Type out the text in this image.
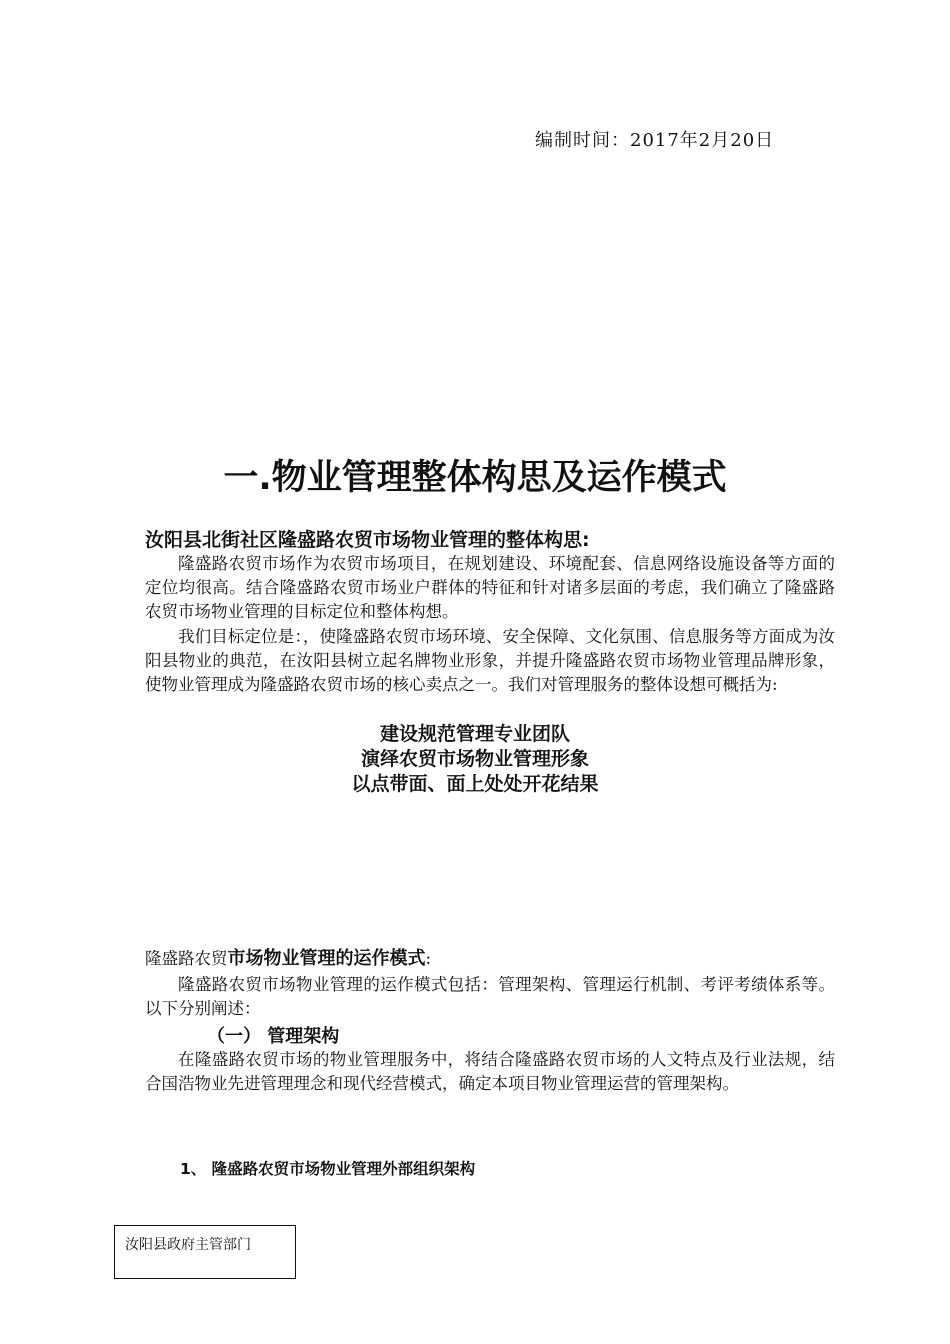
编制时间：2017年2月20日
一.物业管理整体构思及运作模式
汝阳县北街社区隆盛路农贸市场物业管理的整体构思:
隆盛路农贸市场作为农贸市场项目，在规划建设、环境配套、信息网络设施设备等方面的定位均很高。结合隆盛路农贸市场业户群体的特征和针对诸多层面的考虑，我们确立了隆盛路农贸市场物业管理的目标定位和整体构想。
我们目标定位是：，使隆盛路农贸市场环境、安全保障、文化氛围、信息服务等方面成为汝阳县物业的典范，在汝阳县树立起名牌物业形象，并提升隆盛路农贸市场物业管理品牌形象，使物业管理成为隆盛路农贸市场的核心卖点之一。我们对管理服务的整体设想可概括为:
建设规范管理专业团队
演绎农贸市场物业管理形象
以点带面、面上处处开花结果
隆盛路农贸市场物业管理的运作模式:
隆盛路农贸市场物业管理的运作模式包括：管理架构、管理运行机制、考评考绩体系等。以下分别阐述：
（一） 管理架构
在隆盛路农贸市场的物业管理服务中，将结合隆盛路农贸市场的人文特点及行业法规，结合国浩物业先进管理理念和现代经营模式，确定本项目物业管理运营的管理架构。
1、 隆盛路农贸市场物业管理外部组织架构
汝阳县政府主管部门
